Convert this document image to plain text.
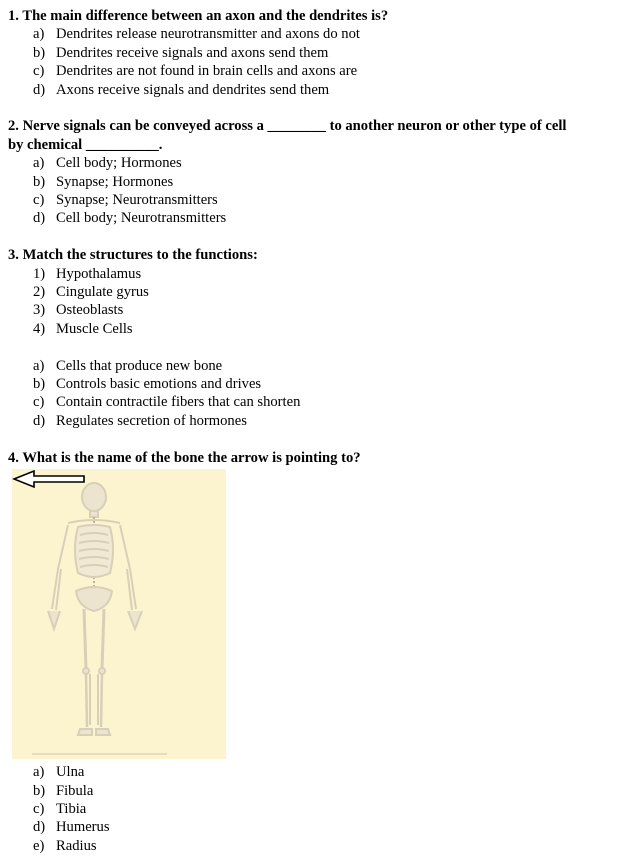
1. The main difference between an axon and the dendrites is?

a) Dendrites release neurotransmitter and axons do not
b) Dendrites receive signals and axons send them
c) Dendrites are not found in brain cells and axons are
d) Axons receive signals and dendrites send them

2. Nerve signals can be conveyed across a ________ to another neuron or other type of cell

by chemical __________.

a) Cell body; Hormones
b) Synapse; Hormones
c) Synapse; Neurotransmitters
d) Cell body; Neurotransmitters

3. Match the structures to the functions:

1) Hypothalamus
2) Cingulate gyrus
3) Osteoblasts
4) Muscle Cells
a) Cells that produce new bone
b) Controls basic emotions and drives
c) Contain contractile fibers that can shorten
d) Regulates secretion of hormones

4. What is the name of the bone the arrow is pointing to?

a) Ulna
b) Fibula
c) Tibia
d) Humerus
e) Radius
